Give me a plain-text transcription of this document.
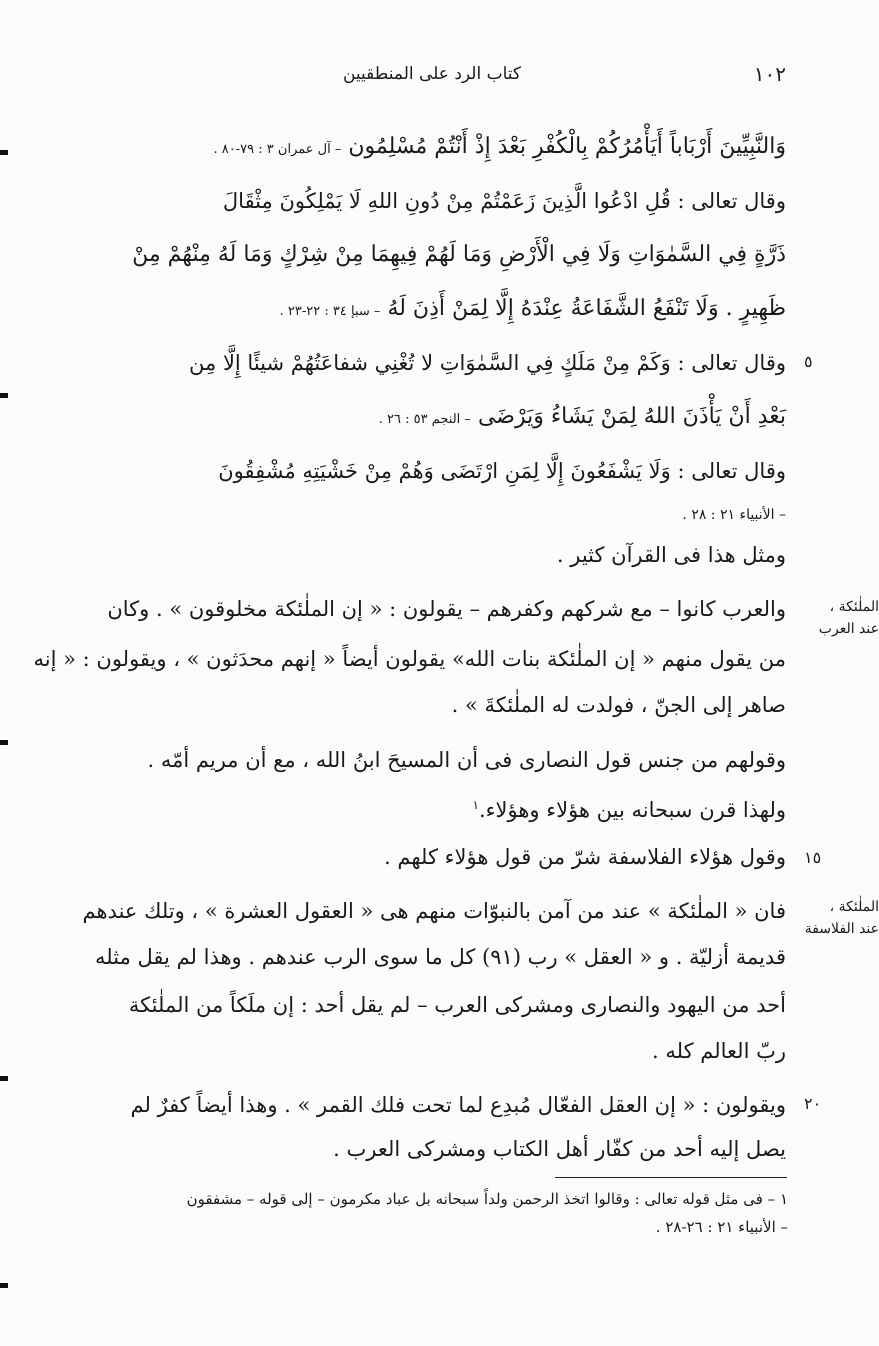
١٠٢
كتاب الرد على المنطقيين
وَالنَّبِيِّينَ أَرْبَاباً أَيَأْمُرُكُمْ بِالْكُفْرِ بَعْدَ إِذْ أَنْتُمْ مُسْلِمُون – آل عمران ٣ : ٧٩-٨٠ .
وقال تعالى : قُلِ ادْعُوا الَّذِينَ زَعَمْتُمْ مِنْ دُونِ اللهِ لَا يَمْلِكُونَ مِثْقَالَ
ذَرَّةٍ فِي السَّمٰوَاتِ وَلَا فِي الْأَرْضِ وَمَا لَهُمْ فِيهِمَا مِنْ شِرْكٍ وَمَا لَهُ مِنْهُمْ مِنْ
ظَهِيرٍ . وَلَا تَنْفَعُ الشَّفَاعَةُ عِنْدَهُ إِلَّا لِمَنْ أَذِنَ لَهُ – سبإ ٣٤ : ٢٢-٢٣ .
وقال تعالى : وَكَمْ مِنْ مَلَكٍ فِي السَّمٰوَاتِ لا تُغْنِي شفاعَتُهُمْ شيئًا إِلَّا مِن
بَعْدِ أَنْ يَأْذَنَ اللهُ لِمَنْ يَشَاءُ وَيَرْضَى – النجم ٥٣ : ٢٦ .
وقال تعالى : وَلَا يَشْفَعُونَ إِلَّا لِمَنِ ارْتَضَى وَهُمْ مِنْ خَشْيَتِهِ مُشْفِقُونَ
– الأنبياء ٢١ : ٢٨ .
ومثل هذا فى القرآن كثير .
والعرب كانوا – مع شركهم وكفرهم – يقولون : « إن الملٰئكة مخلوقون » . وكان
من يقول منهم « إن الملٰئكة بنات الله» يقولون أيضاً « إنهم محدَثون » ، ويقولون : « إنه
صاهر إلى الجنّ ، فولدت له الملٰئكةَ » .
وقولهم من جنس قول النصارى فى أن المسيحَ ابنُ الله ، مع أن مريم أمّه .
ولهذا قرن سبحانه بين هؤلاء وهؤلاء.$^١$
وقول هؤلاء الفلاسفة شرّ من قول هؤلاء كلهم .
فان « الملٰئكة » عند من آمن بالنبوّات منهم هى « العقول العشرة » ، وتلك عندهم
قديمة أزليّة . و « العقل » رب (٩١) كل ما سوى الرب عندهم . وهذا لم يقل مثله
أحد من اليهود والنصارى ومشركى العرب – لم يقل أحد : إن ملَكاً من الملٰئكة
ربّ العالم كله .
ويقولون : « إن العقل الفعّال مُبدِع لما تحت فلك القمر » . وهذا أيضاً كفرٌ لم
يصل إليه أحد من كفّار أهل الكتاب ومشركى العرب .
٥
١٥
٢٠
الملٰئكة ،
عند العرب
الملٰئكة ،
عند الفلاسفة
١ – فى مثل قوله تعالى : وقالوا اتخذ الرحمن ولداً سبحانه بل عباد مكرمون – إلى قوله – مشفقون
– الأنبياء ٢١ : ٢٦-٢٨ .
